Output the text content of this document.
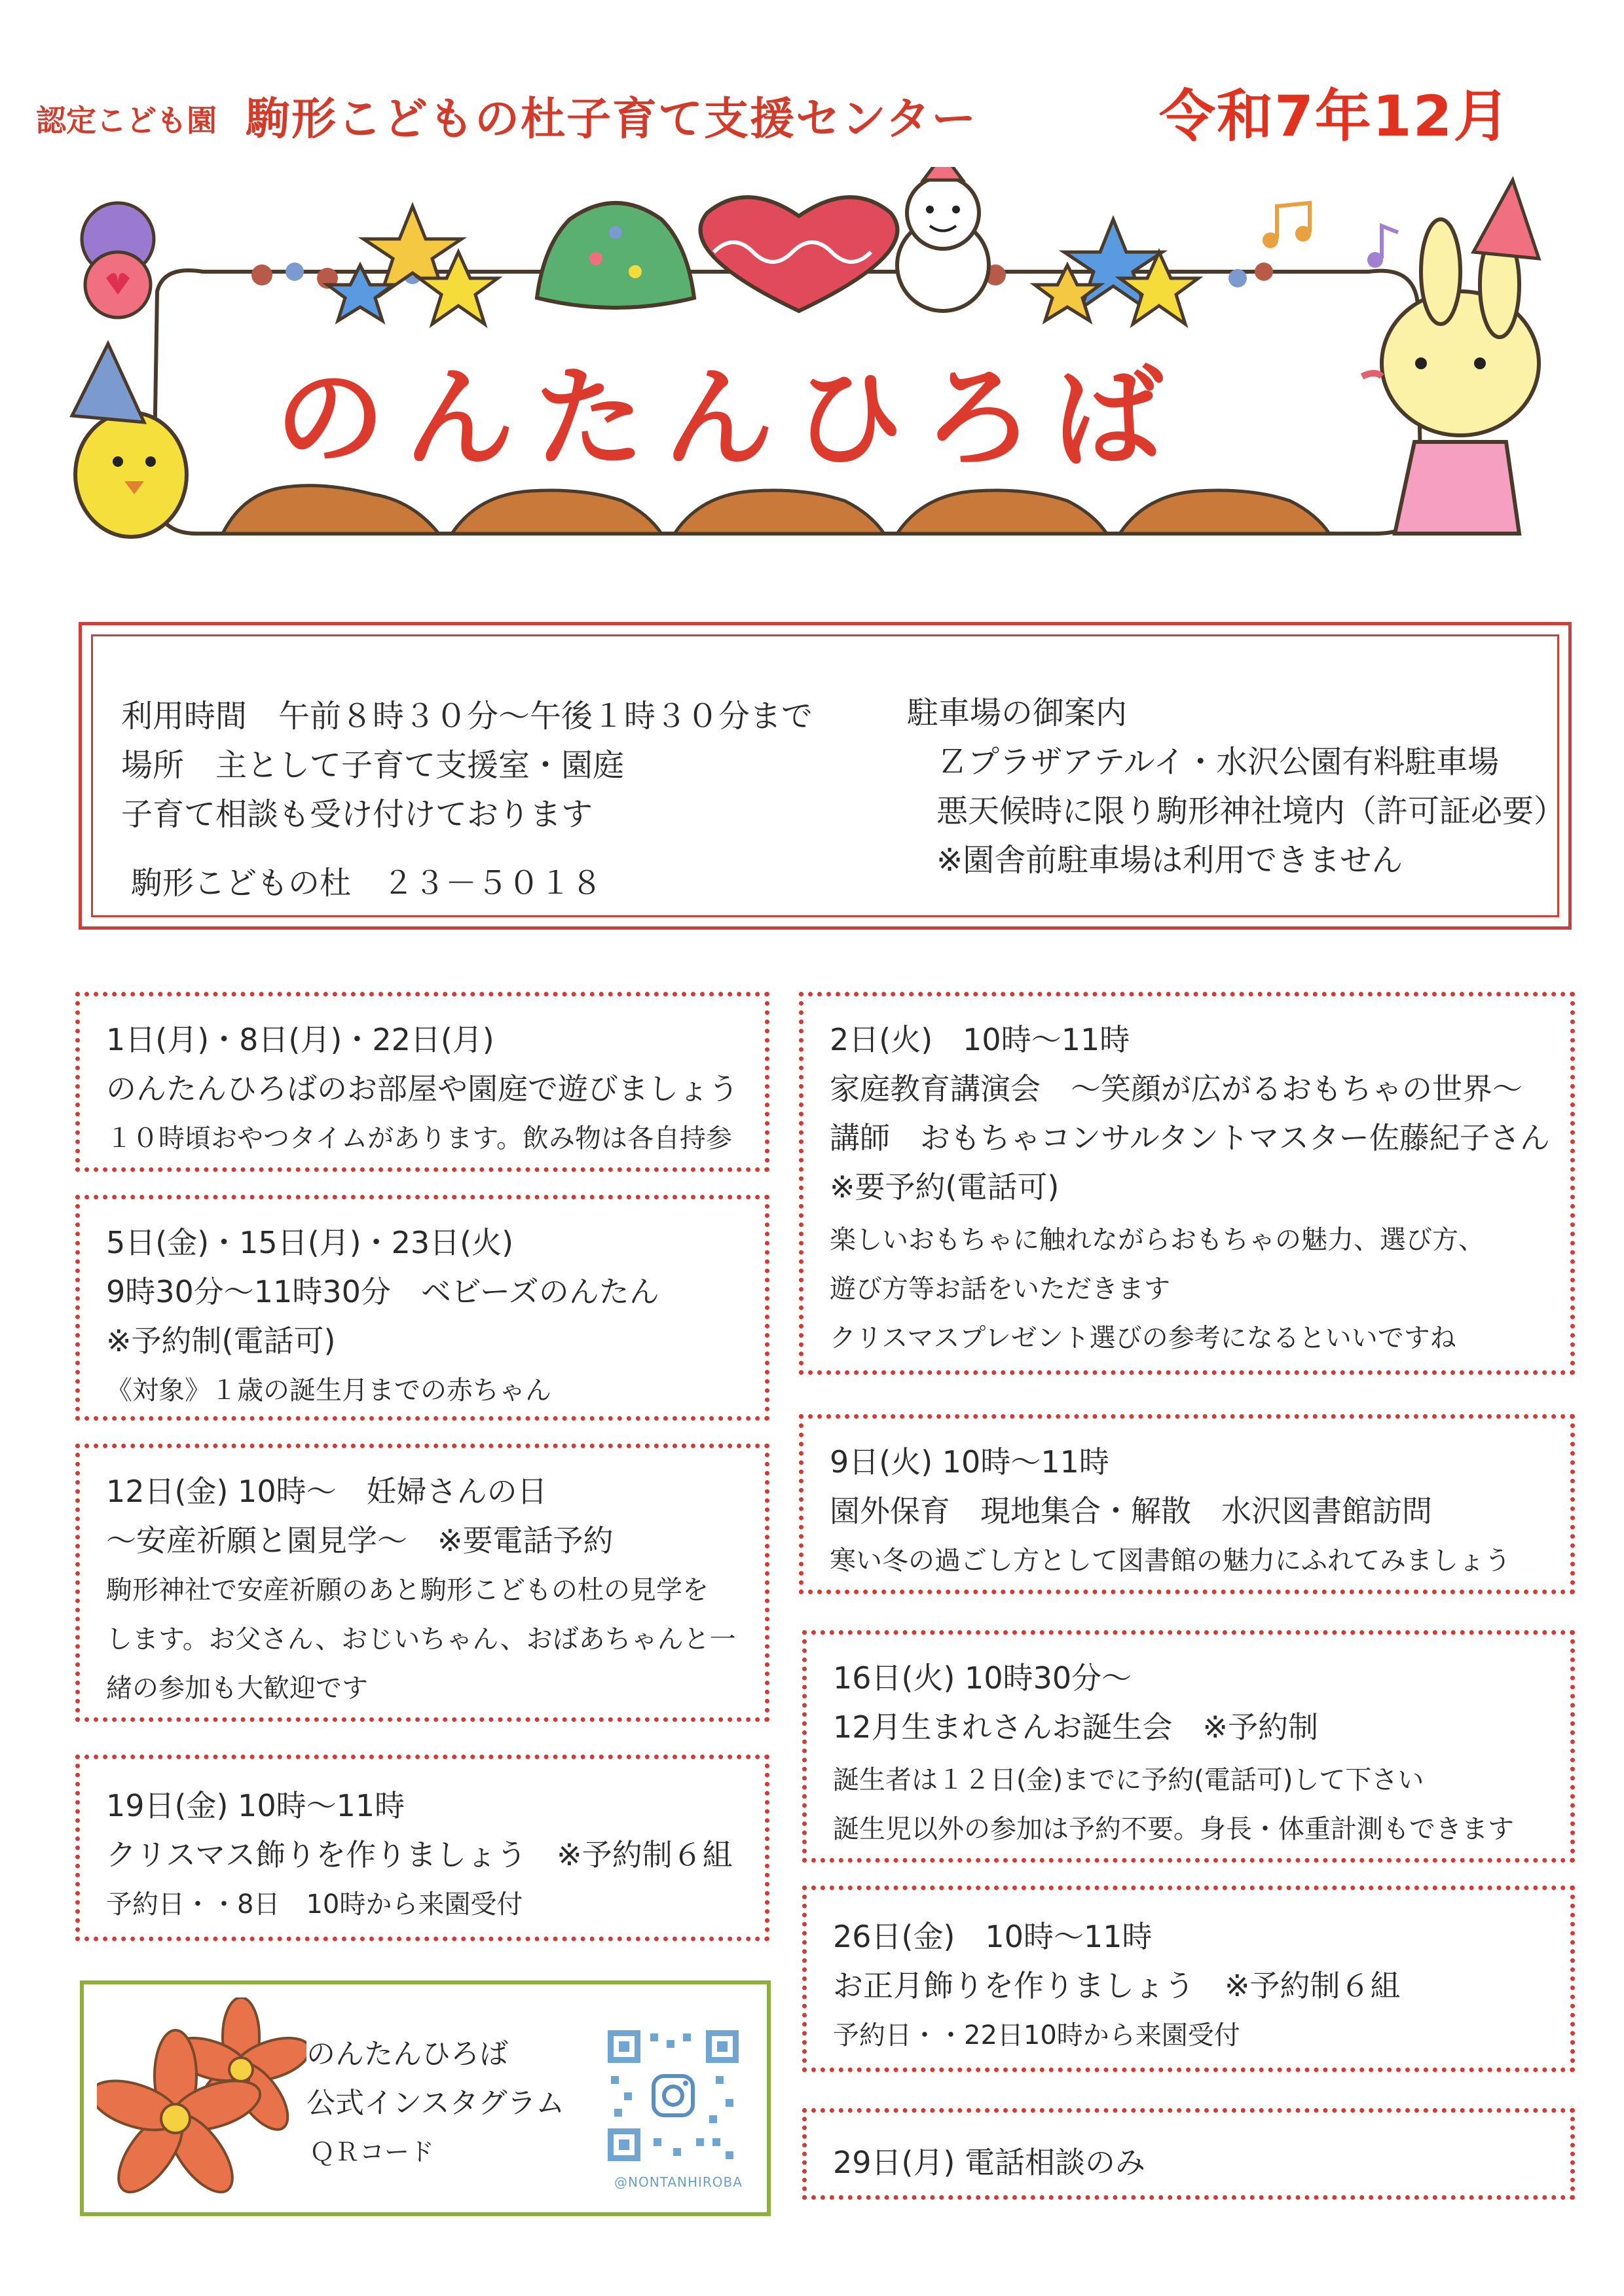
認定こども園 駒形こどもの杜子育て支援センター	令和7年12月
のんたんひろば
利用時間　午前８時３０分～午後１時３０分まで
場所　主として子育て支援室・園庭
子育て相談も受け付けております
駒形こどもの杜　２３－５０１８
駐車場の御案内
Ｚプラザアテルイ・水沢公園有料駐車場
悪天候時に限り駒形神社境内（許可証必要）
※園舎前駐車場は利用できません
1日(月)・8日(月)・22日(月)
のんたんひろばのお部屋や園庭で遊びましょう
１０時頃おやつタイムがあります。飲み物は各自持参
5日(金)・15日(月)・23日(火)
9時30分～11時30分　ベビーズのんたん
※予約制(電話可)
《対象》１歳の誕生月までの赤ちゃん
12日(金) 10時～　妊婦さんの日
～安産祈願と園見学～　※要電話予約
駒形神社で安産祈願のあと駒形こどもの杜の見学を
します。お父さん、おじいちゃん、おばあちゃんと一
緒の参加も大歓迎です
19日(金) 10時～11時
クリスマス飾りを作りましょう　※予約制６組
予約日・・8日　10時から来園受付
2日(火)　10時～11時
家庭教育講演会　～笑顔が広がるおもちゃの世界～
講師　おもちゃコンサルタントマスター佐藤紀子さん
※要予約(電話可)
楽しいおもちゃに触れながらおもちゃの魅力、選び方、
遊び方等お話をいただきます
クリスマスプレゼント選びの参考になるといいですね
9日(火) 10時～11時
園外保育　現地集合・解散　水沢図書館訪問
寒い冬の過ごし方として図書館の魅力にふれてみましょう
16日(火) 10時30分～
12月生まれさんお誕生会　※予約制
誕生者は１２日(金)までに予約(電話可)して下さい
誕生児以外の参加は予約不要。身長・体重計測もできます
26日(金)　10時～11時
お正月飾りを作りましょう　※予約制６組
予約日・・22日10時から来園受付
29日(月) 電話相談のみ
のんたんひろば
公式インスタグラム
ＱＲコード
@NONTANHIROBA
